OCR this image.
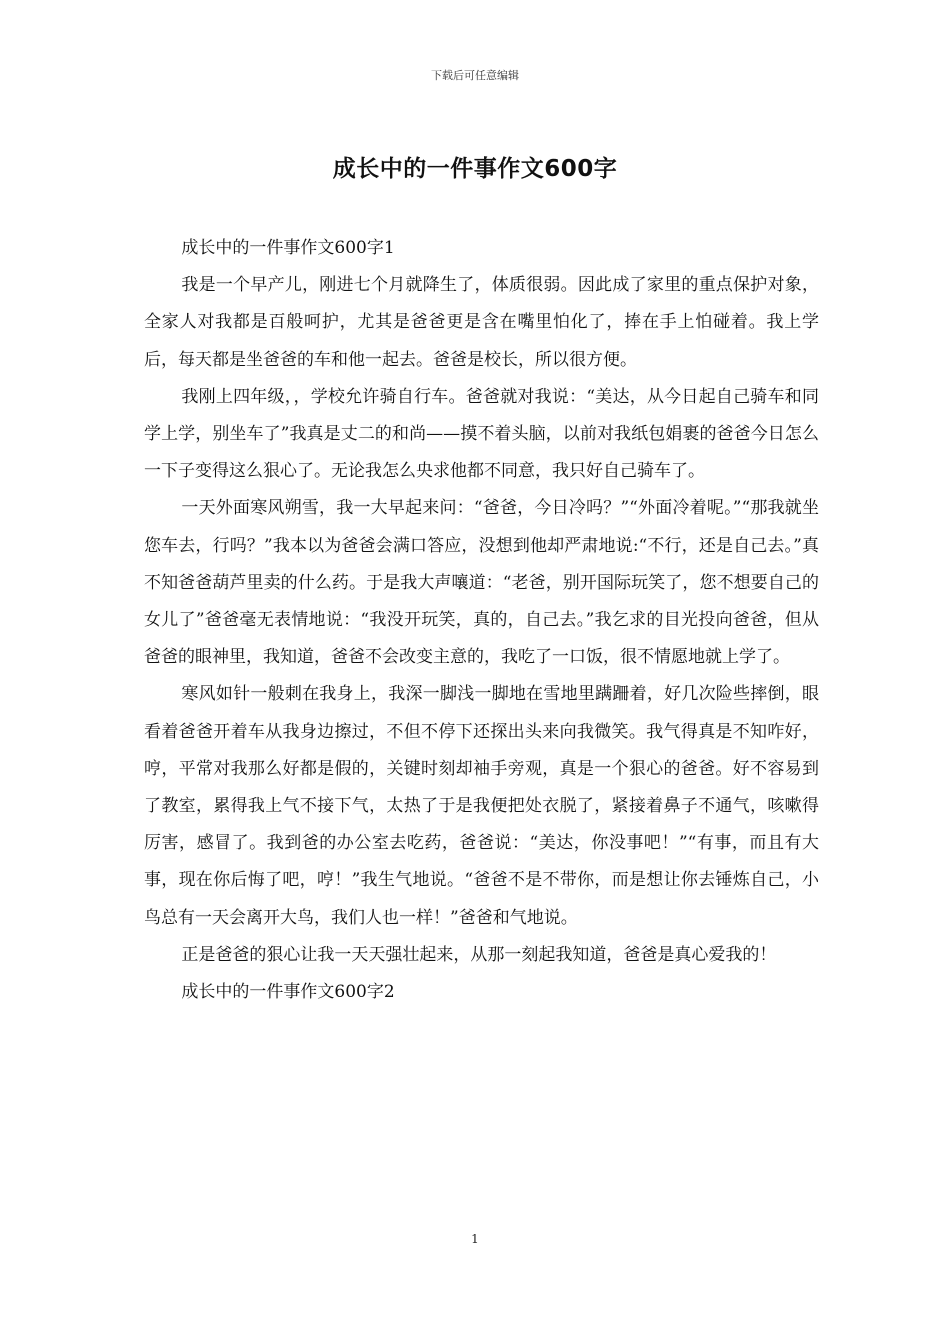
下载后可任意编辑
成长中的一件事作文600字

成长中的一件事作文600字1

我是一个早产儿，刚进七个月就降生了，体质很弱。因此成了家里的重点保护对象，全家人对我都是百般呵护，尤其是爸爸更是含在嘴里怕化了，捧在手上怕碰着。我上学后，每天都是坐爸爸的车和他一起去。爸爸是校长，所以很方便。

我刚上四年级，，学校允许骑自行车。爸爸就对我说：“美达，从今日起自己骑车和同学上学，别坐车了”我真是丈二的和尚——摸不着头脑，以前对我纸包娟裹的爸爸今日怎么一下子变得这么狠心了。无论我怎么央求他都不同意，我只好自己骑车了。

一天外面寒风朔雪，我一大早起来问：“爸爸，今日冷吗？”“外面冷着呢。”“那我就坐您车去，行吗？”我本以为爸爸会满口答应，没想到他却严肃地说:“不行，还是自己去。”真不知爸爸葫芦里卖的什么药。于是我大声嚷道：“老爸，别开国际玩笑了，您不想要自己的女儿了”爸爸毫无表情地说：“我没开玩笑，真的，自己去。”我乞求的目光投向爸爸，但从爸爸的眼神里，我知道，爸爸不会改变主意的，我吃了一口饭，很不情愿地就上学了。

寒风如针一般刺在我身上，我深一脚浅一脚地在雪地里蹒跚着，好几次险些摔倒，眼看着爸爸开着车从我身边擦过，不但不停下还探出头来向我微笑。我气得真是不知咋好，哼，平常对我那么好都是假的，关键时刻却袖手旁观，真是一个狠心的爸爸。好不容易到了教室，累得我上气不接下气，太热了于是我便把处衣脱了，紧接着鼻子不通气，咳嗽得厉害，感冒了。我到爸的办公室去吃药，爸爸说：“美达，你没事吧！”“有事，而且有大事，现在你后悔了吧，哼！”我生气地说。“爸爸不是不带你，而是想让你去锤炼自己，小鸟总有一天会离开大鸟，我们人也一样！”爸爸和气地说。

正是爸爸的狠心让我一天天强壮起来，从那一刻起我知道，爸爸是真心爱我的！

成长中的一件事作文600字2

1
